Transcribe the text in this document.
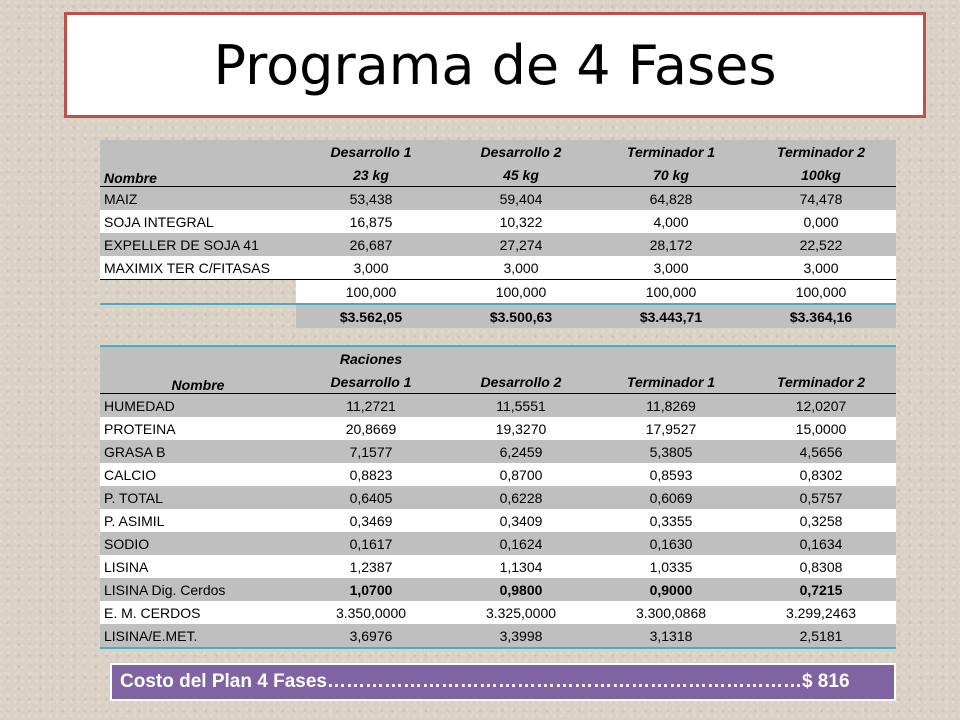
Programa de 4 Fases
	Desarrollo 1	Desarrollo 2	Terminador 1	Terminador 2
Nombre	23 kg	45 kg	70 kg	100kg
MAIZ	53,438	59,404	64,828	74,478
SOJA INTEGRAL	16,875	10,322	4,000	0,000
EXPELLER DE SOJA 41	26,687	27,274	28,172	22,522
MAXIMIX TER C/FITASAS	3,000	3,000	3,000	3,000
	100,000	100,000	100,000	100,000
	$3.562,05	$3.500,63	$3.443,71	$3.364,16
	Raciones			
Nombre	Desarrollo 1	Desarrollo 2	Terminador 1	Terminador 2
HUMEDAD	11,2721	11,5551	11,8269	12,0207
PROTEINA	20,8669	19,3270	17,9527	15,0000
GRASA B	7,1577	6,2459	5,3805	4,5656
CALCIO	0,8823	0,8700	0,8593	0,8302
P. TOTAL	0,6405	0,6228	0,6069	0,5757
P. ASIMIL	0,3469	0,3409	0,3355	0,3258
SODIO	0,1617	0,1624	0,1630	0,1634
LISINA	1,2387	1,1304	1,0335	0,8308
LISINA Dig. Cerdos	1,0700	0,9800	0,9000	0,7215
E. M. CERDOS	3.350,0000	3.325,0000	3.300,0868	3.299,2463
LISINA/E.MET.	3,6976	3,3998	3,1318	2,5181
Costo del Plan 4 Fases…………………………………………………………………$ 816
